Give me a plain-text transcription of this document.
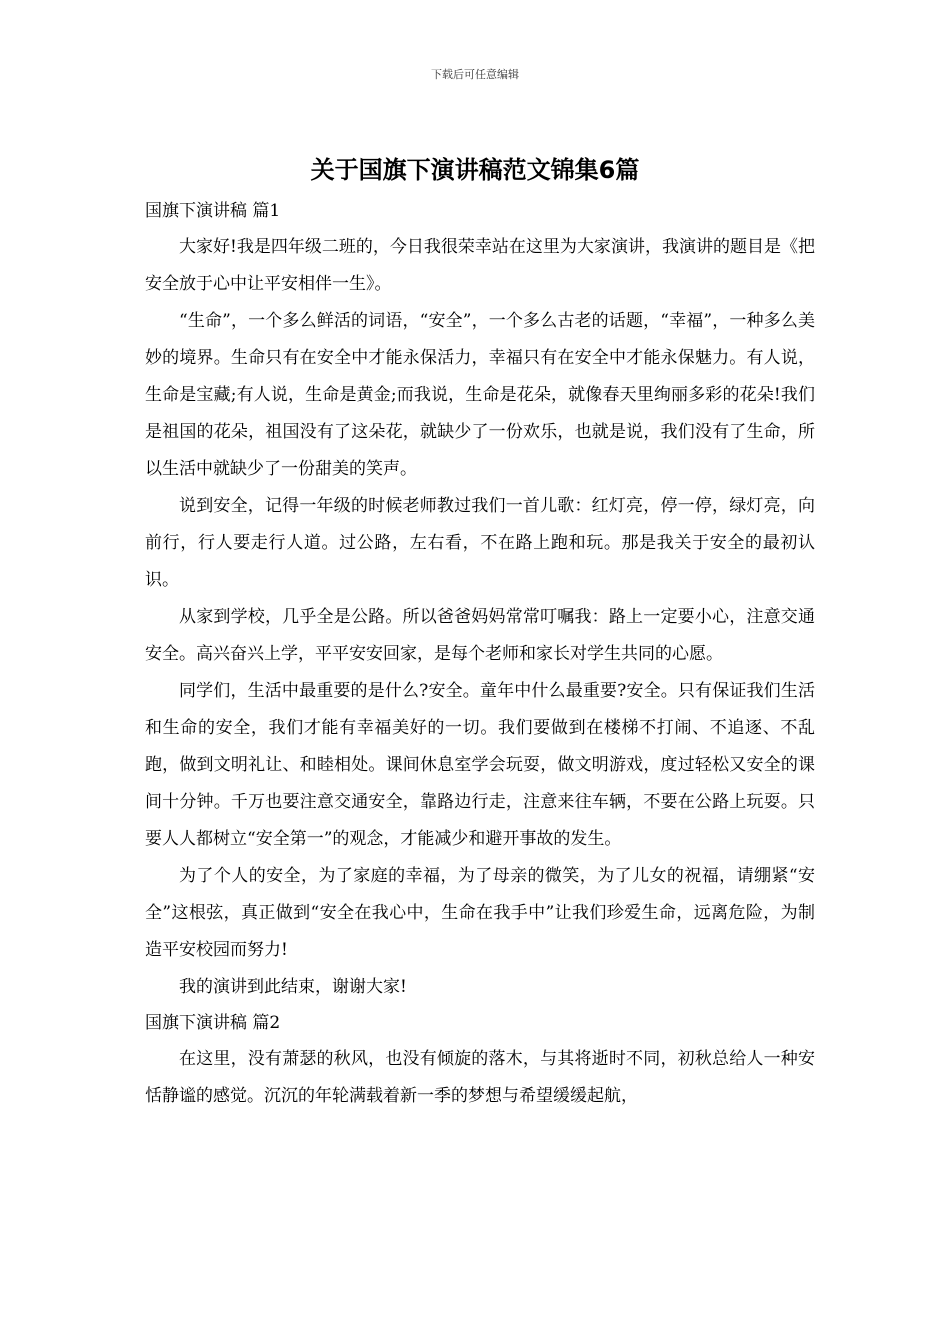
下载后可任意编辑
关于国旗下演讲稿范文锦集6篇
国旗下演讲稿 篇1

大家好!我是四年级二班的，今日我很荣幸站在这里为大家演讲，我演讲的题目是《把安全放于心中让平安相伴一生》。

“生命”，一个多么鲜活的词语，“安全”，一个多么古老的话题，“幸福”，一种多么美妙的境界。生命只有在安全中才能永保活力，幸福只有在安全中才能永保魅力。有人说，生命是宝藏;有人说，生命是黄金;而我说，生命是花朵，就像春天里绚丽多彩的花朵!我们是祖国的花朵，祖国没有了这朵花，就缺少了一份欢乐，也就是说，我们没有了生命，所以生活中就缺少了一份甜美的笑声。

说到安全，记得一年级的时候老师教过我们一首儿歌：红灯亮，停一停，绿灯亮，向前行，行人要走行人道。过公路，左右看，不在路上跑和玩。那是我关于安全的最初认识。

从家到学校，几乎全是公路。所以爸爸妈妈常常叮嘱我：路上一定要小心，注意交通安全。高兴奋兴上学，平平安安回家，是每个老师和家长对学生共同的心愿。

同学们，生活中最重要的是什么?安全。童年中什么最重要?安全。只有保证我们生活和生命的安全，我们才能有幸福美好的一切。我们要做到在楼梯不打闹、不追逐、不乱跑，做到文明礼让、和睦相处。课间休息室学会玩耍，做文明游戏，度过轻松又安全的课间十分钟。千万也要注意交通安全，靠路边行走，注意来往车辆，不要在公路上玩耍。只要人人都树立“安全第一”的观念，才能减少和避开事故的发生。

为了个人的安全，为了家庭的幸福，为了母亲的微笑，为了儿女的祝福，请绷紧“安全”这根弦，真正做到“安全在我心中，生命在我手中”让我们珍爱生命，远离危险，为制造平安校园而努力!

我的演讲到此结束，谢谢大家!

国旗下演讲稿 篇2

在这里，没有萧瑟的秋风，也没有倾旋的落木，与其将逝时不同，初秋总给人一种安恬静谧的感觉。沉沉的年轮满载着新一季的梦想与希望缓缓起航，
